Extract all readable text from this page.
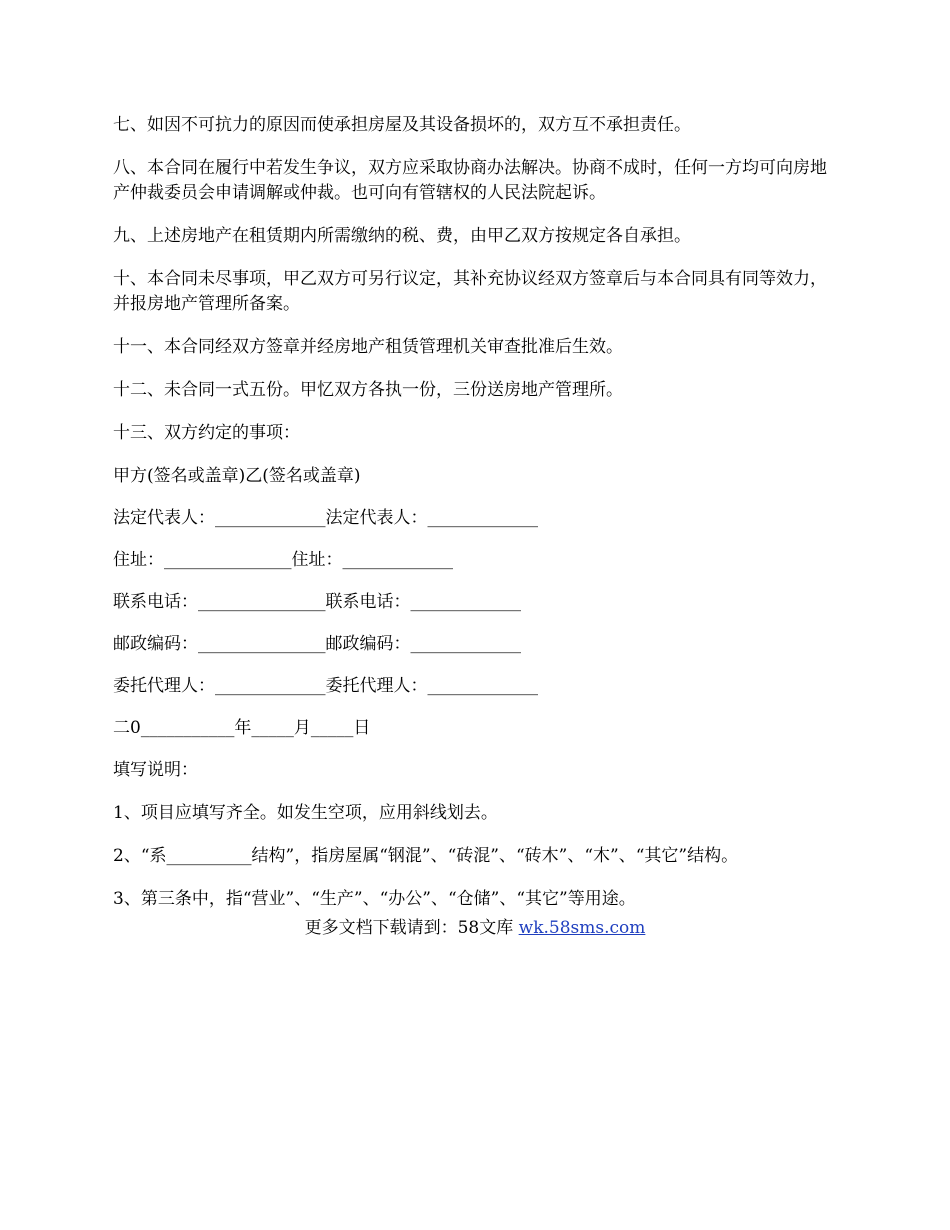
七、如因不可抗力的原因而使承担房屋及其设备损坏的，双方互不承担责任。

八、本合同在履行中若发生争议，双方应采取协商办法解决。协商不成时，任何一方均可向房地产仲裁委员会申请调解或仲裁。也可向有管辖权的人民法院起诉。

九、上述房地产在租赁期内所需缴纳的税、费，由甲乙双方按规定各自承担。

十、本合同未尽事项，甲乙双方可另行议定，其补充协议经双方签章后与本合同具有同等效力，并报房地产管理所备案。

十一、本合同经双方签章并经房地产租赁管理机关审查批准后生效。

十二、未合同一式五份。甲忆双方各执一份，三份送房地产管理所。

十三、双方约定的事项：

甲方(签名或盖章)乙(签名或盖章)

法定代表人：_____________法定代表人：_____________

住址：_______________住址：_____________

联系电话：_______________联系电话：_____________

邮政编码：_______________邮政编码：_____________

委托代理人：_____________委托代理人：_____________

二0___________年_____月_____日

填写说明：

1、项目应填写齐全。如发生空项，应用斜线划去。

2、“系__________结构”，指房屋属“钢混”、“砖混”、“砖木”、“木”、“其它”结构。

3、第三条中，指“营业”、“生产”、“办公”、“仓储”、“其它”等用途。

更多文档下载请到：58文库 wk.58sms.com
